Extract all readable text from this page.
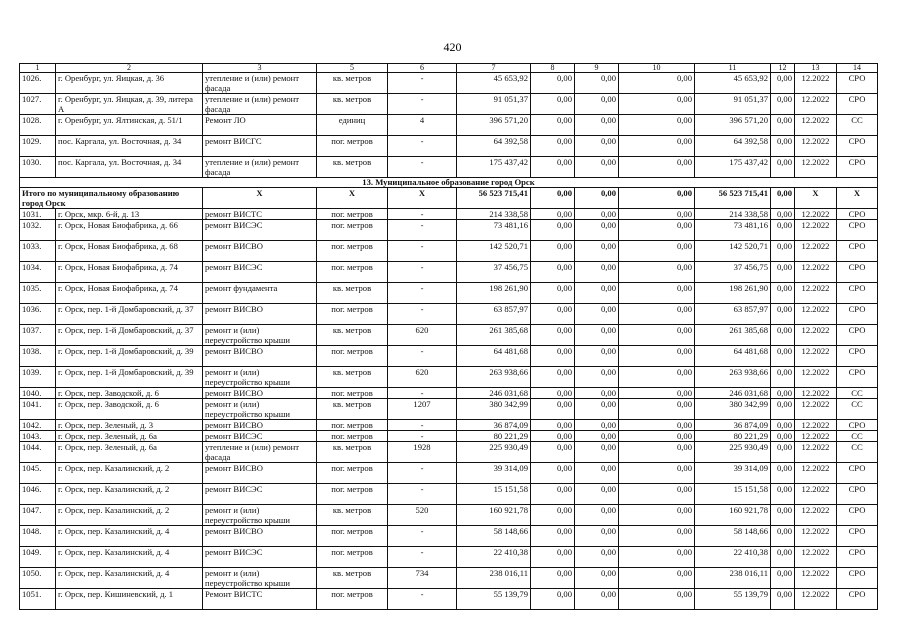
420
1	2	3	5	6	7	8	9	10	11	12	13	14
1026.	г. Оренбург, ул. Яицкая, д. 36	утепление и (или) ремонт фасада	кв. метров	-	45 653,92	0,00	0,00	0,00	45 653,92	0,00	12.2022	СРО
1027.	г. Оренбург, ул. Яицкая, д. 39, литера А	утепление и (или) ремонт фасада	кв. метров	-	91 051,37	0,00	0,00	0,00	91 051,37	0,00	12.2022	СРО
1028.	г. Оренбург, ул. Ялтинская, д. 51/1	Ремонт ЛО	единиц	4	396 571,20	0,00	0,00	0,00	396 571,20	0,00	12.2022	СС
1029.	пос. Каргала, ул. Восточная, д. 34	ремонт ВИСГС	пог. метров	-	64 392,58	0,00	0,00	0,00	64 392,58	0,00	12.2022	СРО
1030.	пос. Каргала, ул. Восточная, д. 34	утепление и (или) ремонт фасада	кв. метров	-	175 437,42	0,00	0,00	0,00	175 437,42	0,00	12.2022	СРО
13. Муниципальное образование город Орск												
Итого по муниципальному образованию город Орск		X	X	X	56 523 715,41	0,00	0,00	0,00	56 523 715,41	0,00	X	X
1031.	г. Орск, мкр. 6-й, д. 13	ремонт ВИСТС	пог. метров	-	214 338,58	0,00	0,00	0,00	214 338,58	0,00	12.2022	СРО
1032.	г. Орск, Новая Биофабрика, д. 66	ремонт ВИСЭС	пог. метров	-	73 481,16	0,00	0,00	0,00	73 481,16	0,00	12.2022	СРО
1033.	г. Орск, Новая Биофабрика, д. 68	ремонт ВИСВО	пог. метров	-	142 520,71	0,00	0,00	0,00	142 520,71	0,00	12.2022	СРО
1034.	г. Орск, Новая Биофабрика, д. 74	ремонт ВИСЭС	пог. метров	-	37 456,75	0,00	0,00	0,00	37 456,75	0,00	12.2022	СРО
1035.	г. Орск, Новая Биофабрика, д. 74	ремонт фундамента	кв. метров	-	198 261,90	0,00	0,00	0,00	198 261,90	0,00	12.2022	СРО
1036.	г. Орск, пер. 1-й Домбаровский, д. 37	ремонт ВИСВО	пог. метров	-	63 857,97	0,00	0,00	0,00	63 857,97	0,00	12.2022	СРО
1037.	г. Орск, пер. 1-й Домбаровский, д. 37	ремонт и (или) переустройство крыши	кв. метров	620	261 385,68	0,00	0,00	0,00	261 385,68	0,00	12.2022	СРО
1038.	г. Орск, пер. 1-й Домбаровский, д. 39	ремонт ВИСВО	пог. метров	-	64 481,68	0,00	0,00	0,00	64 481,68	0,00	12.2022	СРО
1039.	г. Орск, пер. 1-й Домбаровский, д. 39	ремонт и (или) переустройство крыши	кв. метров	620	263 938,66	0,00	0,00	0,00	263 938,66	0,00	12.2022	СРО
1040.	г. Орск, пер. Заводской, д. 6	ремонт ВИСВО	пог. метров	-	246 031,68	0,00	0,00	0,00	246 031,68	0,00	12.2022	СС
1041.	г. Орск, пер. Заводской, д. 6	ремонт и (или) переустройство крыши	кв. метров	1207	380 342,99	0,00	0,00	0,00	380 342,99	0,00	12.2022	СС
1042.	г. Орск, пер. Зеленый, д. 3	ремонт ВИСВО	пог. метров	-	36 874,09	0,00	0,00	0,00	36 874,09	0,00	12.2022	СРО
1043.	г. Орск, пер. Зеленый, д. 6а	ремонт ВИСЭС	пог. метров	-	80 221,29	0,00	0,00	0,00	80 221,29	0,00	12.2022	СС
1044.	г. Орск, пер. Зеленый, д. 6а	утепление и (или) ремонт фасада	кв. метров	1928	225 930,49	0,00	0,00	0,00	225 930,49	0,00	12.2022	СС
1045.	г. Орск, пер. Казалинский, д. 2	ремонт ВИСВО	пог. метров	-	39 314,09	0,00	0,00	0,00	39 314,09	0,00	12.2022	СРО
1046.	г. Орск, пер. Казалинский, д. 2	ремонт ВИСЭС	пог. метров	-	15 151,58	0,00	0,00	0,00	15 151,58	0,00	12.2022	СРО
1047.	г. Орск, пер. Казалинский, д. 2	ремонт и (или) переустройство крыши	кв. метров	520	160 921,78	0,00	0,00	0,00	160 921,78	0,00	12.2022	СРО
1048.	г. Орск, пер. Казалинский, д. 4	ремонт ВИСВО	пог. метров	-	58 148,66	0,00	0,00	0,00	58 148,66	0,00	12.2022	СРО
1049.	г. Орск, пер. Казалинский, д. 4	ремонт ВИСЭС	пог. метров	-	22 410,38	0,00	0,00	0,00	22 410,38	0,00	12.2022	СРО
1050.	г. Орск, пер. Казалинский, д. 4	ремонт и (или) переустройство крыши	кв. метров	734	238 016,11	0,00	0,00	0,00	238 016,11	0,00	12.2022	СРО
1051.	г. Орск, пер. Кишиневский, д. 1	Ремонт ВИСТС	пог. метров	-	55 139,79	0,00	0,00	0,00	55 139,79	0,00	12.2022	СРО
